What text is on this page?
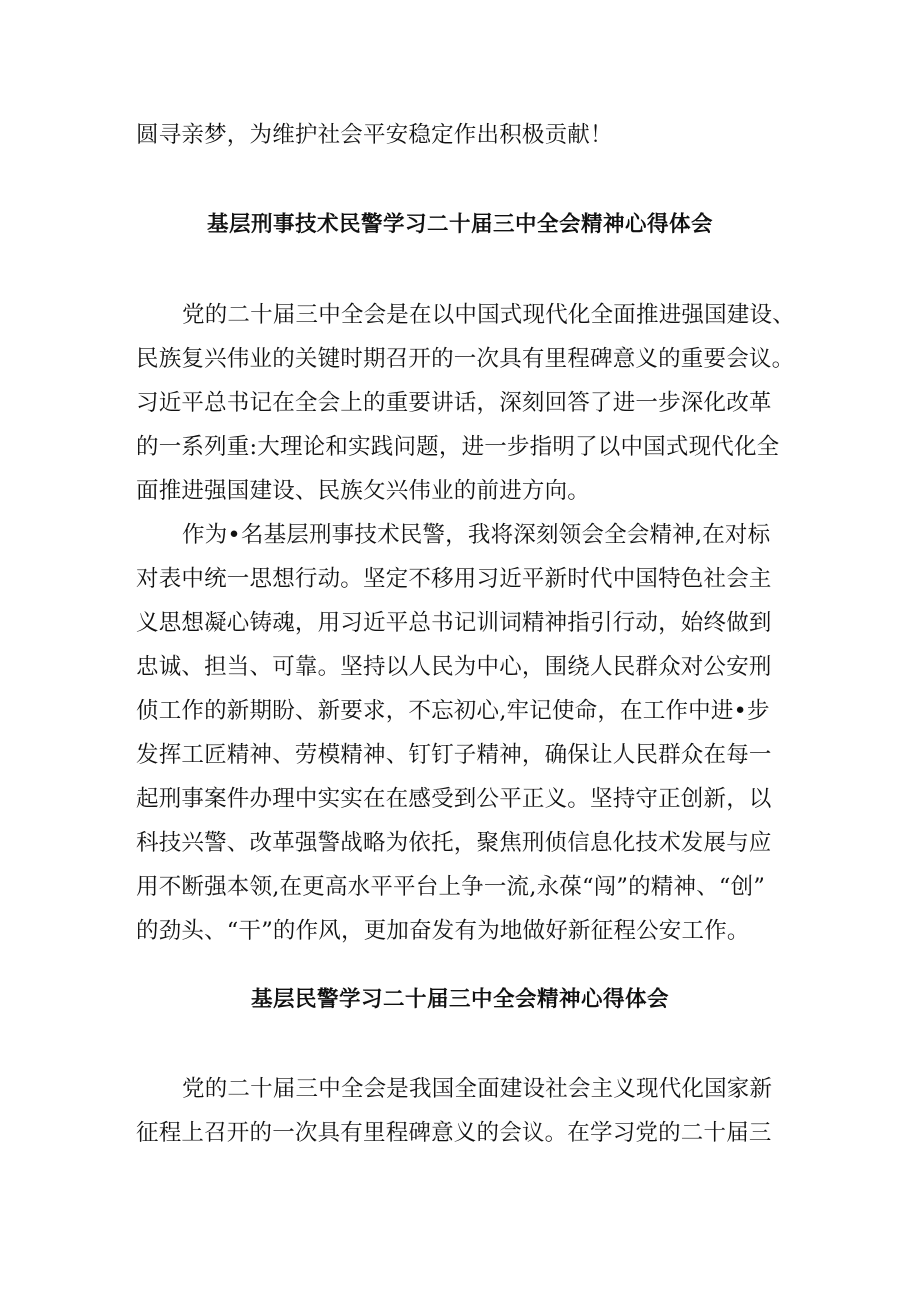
圆寻亲梦，为维护社会平安稳定作出积极贡献！
基层刑事技术民警学习二十届三中全会精神心得体会
党的二十届三中全会是在以中国式现代化全面推进强国建设、
民族复兴伟业的关键时期召开的一次具有里程碑意义的重要会议。
习近平总书记在全会上的重要讲话，深刻回答了进一步深化改革
的一系列重:大理论和实践问题，进一步指明了以中国式现代化全
面推进强国建设、民族攵兴伟业的前进方向。
作为•名基层刑事技术民警，我将深刻领会全会精神,在对标
对表中统一思想行动。坚定不移用习近平新时代中国特色社会主
义思想凝心铸魂，用习近平总书记训词精神指引行动，始终做到
忠诚、担当、可靠。坚持以人民为中心，围绕人民群众对公安刑
侦工作的新期盼、新要求，不忘初心,牢记使命，在工作中进•步
发挥工匠精神、劳模精神、钉钉子精神，确保让人民群众在每一
起刑事案件办理中实实在在感受到公平正义。坚持守正创新，以
科技兴警、改革强警战略为依托，聚焦刑侦信息化技术发展与应
用不断强本领,在更高水平平台上争一流,永葆“闯”的精神、“创”
的劲头、“干”的作风，更加奋发有为地做好新征程公安工作。
基层民警学习二十届三中全会精神心得体会
党的二十届三中全会是我国全面建设社会主义现代化国家新
征程上召开的一次具有里程碑意义的会议。在学习党的二十届三
